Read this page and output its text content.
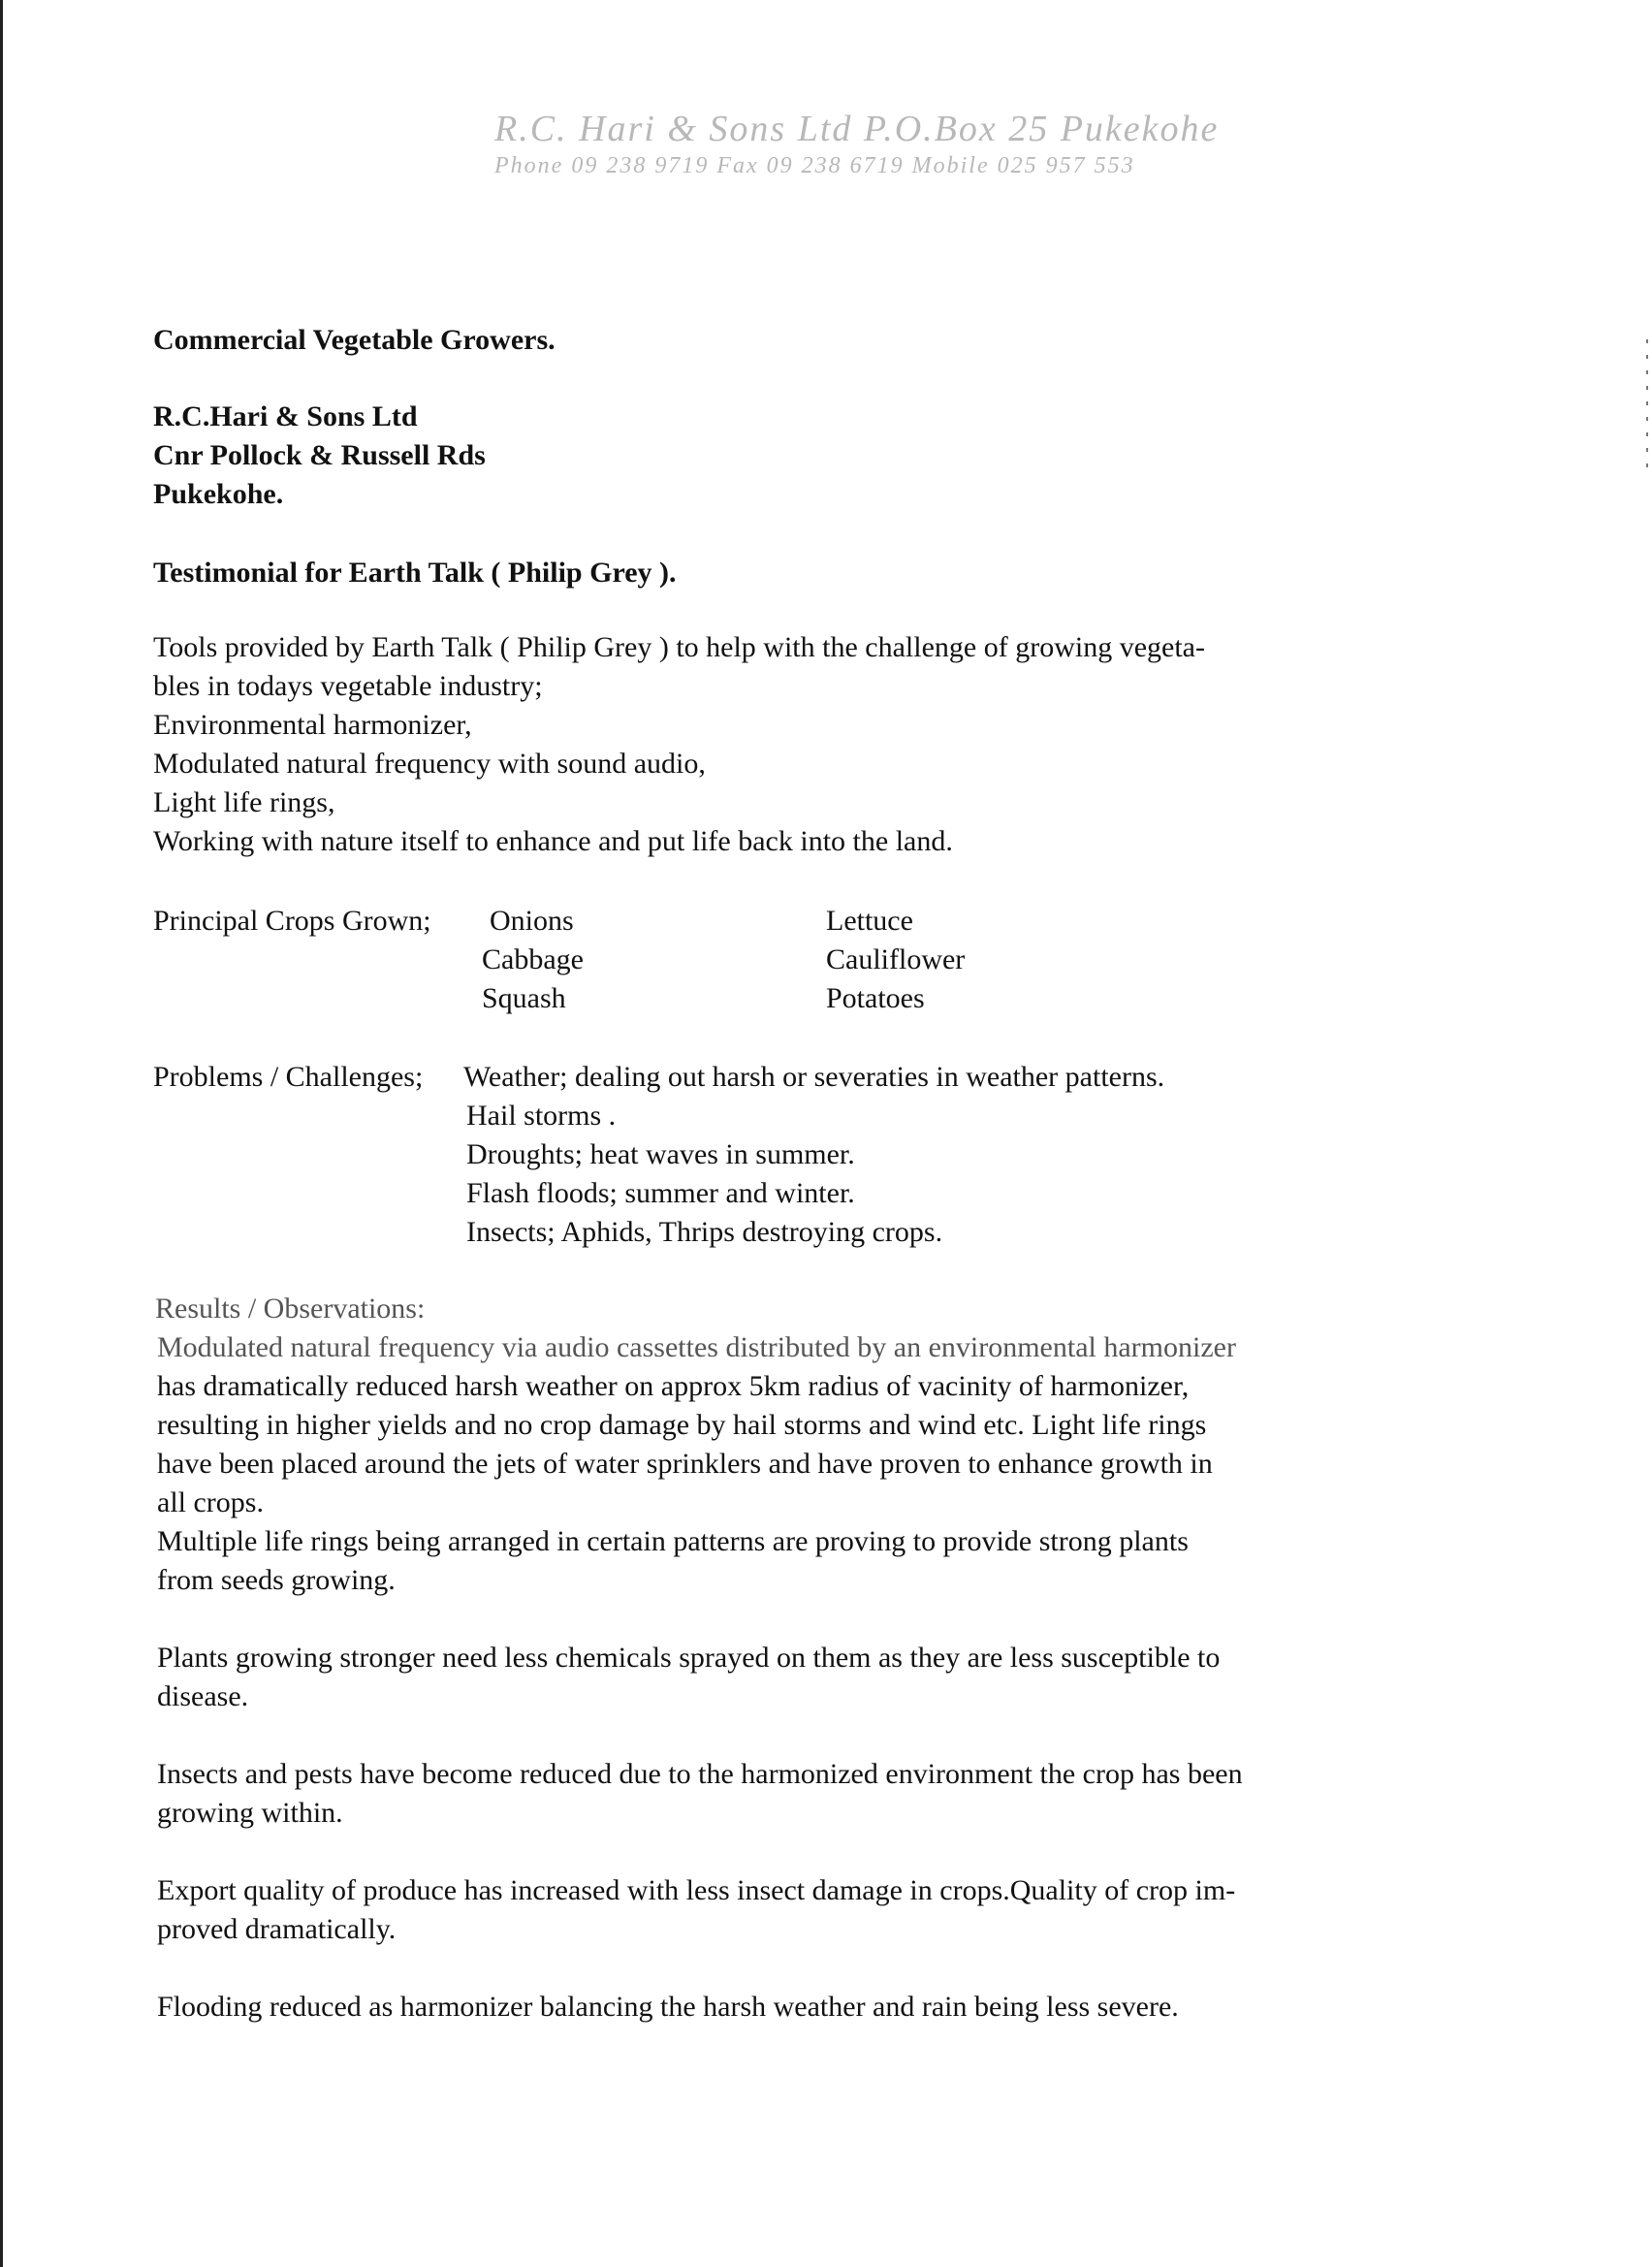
R.C. Hari & Sons Ltd P.O.Box 25 Pukekohe
Phone 09 238 9719 Fax 09 238 6719 Mobile 025 957 553
Commercial Vegetable Growers.
R.C.Hari & Sons Ltd
Cnr Pollock & Russell Rds
Pukekohe.
Testimonial for Earth Talk ( Philip Grey ).
Tools provided by Earth Talk ( Philip Grey ) to help with the challenge of growing vegeta-
bles in todays vegetable industry;
Environmental harmonizer,
Modulated natural frequency with sound audio,
Light life rings,
Working with nature itself to enhance and put life back into the land.
Principal Crops Grown; Onions
Cabbage
Squash
Lettuce
Cauliflower
Potatoes
Problems / Challenges; Weather; dealing out harsh or severaties in weather patterns.
Hail storms .
Droughts; heat waves in summer.
Flash floods; summer and winter.
Insects; Aphids, Thrips destroying crops.
Results / Observations:
Modulated natural frequency via audio cassettes distributed by an environmental harmonizer
has dramatically reduced harsh weather on approx 5km radius of vacinity of harmonizer,
resulting in higher yields and no crop damage by hail storms and wind etc. Light life rings
have been placed around the jets of water sprinklers and have proven to enhance growth in
all crops.
Multiple life rings being arranged in certain patterns are proving to provide strong plants
from seeds growing.
Plants growing stronger need less chemicals sprayed on them as they are less susceptible to
disease.
Insects and pests have become reduced due to the harmonized environment the crop has been
growing within.
Export quality of produce has increased with less insect damage in crops.Quality of crop im-
proved dramatically.
Flooding reduced as harmonizer balancing the harsh weather and rain being less severe.
